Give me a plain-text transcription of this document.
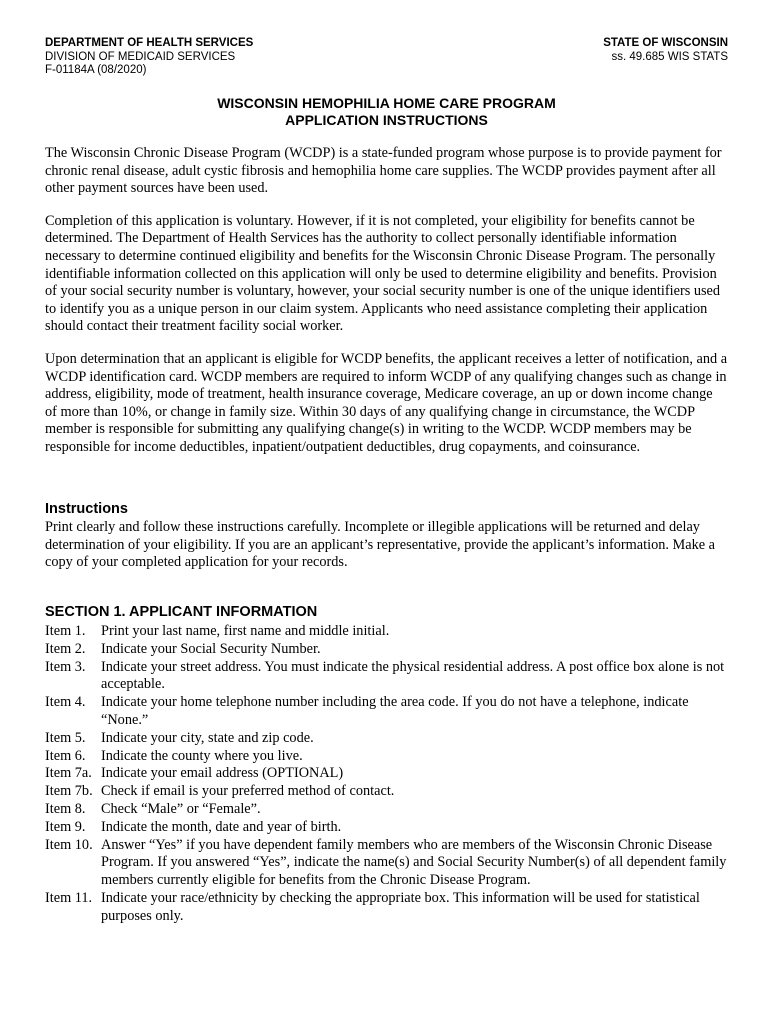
DEPARTMENT OF HEALTH SERVICES
DIVISION OF MEDICAID SERVICES
F-01184A (08/2020)
STATE OF WISCONSIN
ss. 49.685 WIS STATS
WISCONSIN HEMOPHILIA HOME CARE PROGRAM
APPLICATION INSTRUCTIONS

The Wisconsin Chronic Disease Program (WCDP) is a state-funded program whose purpose is to provide payment for chronic renal disease, adult cystic fibrosis and hemophilia home care supplies. The WCDP provides payment after all other payment sources have been used.

Completion of this application is voluntary. However, if it is not completed, your eligibility for benefits cannot be determined. The Department of Health Services has the authority to collect personally identifiable information necessary to determine continued eligibility and benefits for the Wisconsin Chronic Disease Program. The personally identifiable information collected on this application will only be used to determine eligibility and benefits. Provision of your social security number is voluntary, however, your social security number is one of the unique identifiers used to identify you as a unique person in our claim system. Applicants who need assistance completing their application should contact their treatment facility social worker.

Upon determination that an applicant is eligible for WCDP benefits, the applicant receives a letter of notification, and a WCDP identification card. WCDP members are required to inform WCDP of any qualifying changes such as change in address, eligibility, mode of treatment, health insurance coverage, Medicare coverage, an up or down income change of more than 10%, or change in family size. Within 30 days of any qualifying change in circumstance, the WCDP member is responsible for submitting any qualifying change(s) in writing to the WCDP. WCDP members may be responsible for income deductibles, inpatient/outpatient deductibles, drug copayments, and coinsurance.

Instructions

Print clearly and follow these instructions carefully. Incomplete or illegible applications will be returned and delay determination of your eligibility. If you are an applicant’s representative, provide the applicant’s information. Make a copy of your completed application for your records.

SECTION 1. APPLICANT INFORMATION
Item 1.	Print your last name, first name and middle initial.
Item 2.	Indicate your Social Security Number.
Item 3.	Indicate your street address. You must indicate the physical residential address. A post office box alone is not acceptable.
Item 4.	Indicate your home telephone number including the area code. If you do not have a telephone, indicate “None.”
Item 5.	Indicate your city, state and zip code.
Item 6.	Indicate the county where you live.
Item 7a. Indicate your email address (OPTIONAL)
Item 7b. Check if email is your preferred method of contact.
Item 8.	Check “Male” or “Female”.
Item 9.	Indicate the month, date and year of birth.
Item 10. Answer “Yes” if you have dependent family members who are members of the Wisconsin Chronic Disease Program. If you answered “Yes”, indicate the name(s) and Social Security Number(s) of all dependent family members currently eligible for benefits from the Chronic Disease Program.
Item 11. Indicate your race/ethnicity by checking the appropriate box. This information will be used for statistical purposes only.
